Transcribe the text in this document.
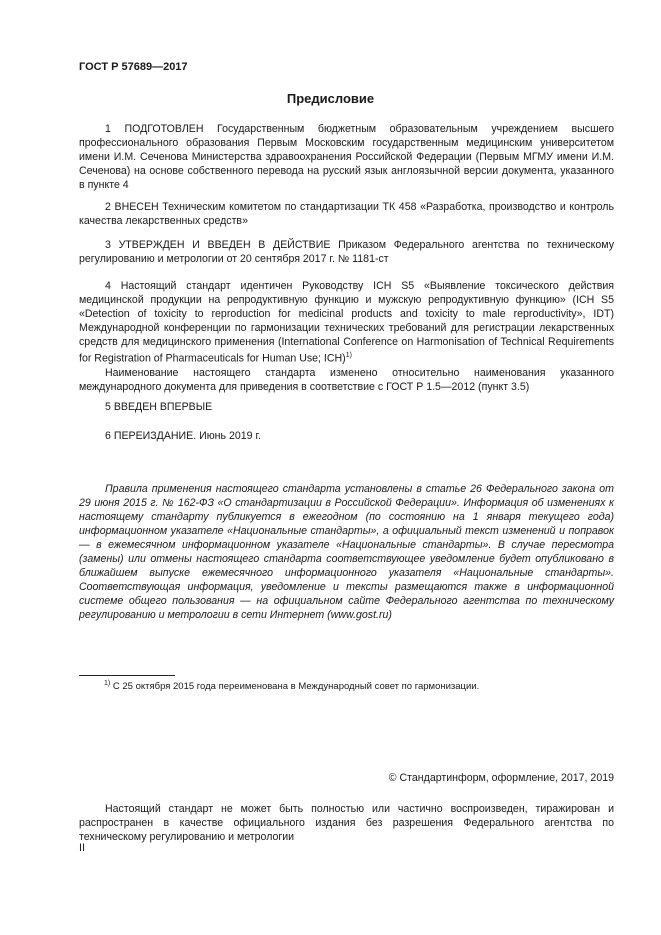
ГОСТ Р 57689—2017
Предисловие

1 ПОДГОТОВЛЕН Государственным бюджетным образовательным учреждением высшего профессионального образования Первым Московским государственным медицинским университетом имени И.М. Сеченова Министерства здравоохранения Российской Федерации (Первым МГМУ имени И.М. Сеченова) на основе собственного перевода на русский язык англоязычной версии документа, указанного в пункте 4

2 ВНЕСЕН Техническим комитетом по стандартизации ТК 458 «Разработка, производство и контроль качества лекарственных средств»

3 УТВЕРЖДЕН И ВВЕДЕН В ДЕЙСТВИЕ Приказом Федерального агентства по техническому регулированию и метрологии от 20 сентября 2017 г. № 1181-ст

4 Настоящий стандарт идентичен Руководству ICH S5 «Выявление токсического действия медицинской продукции на репродуктивную функцию и мужскую репродуктивную функцию» (ICH S5 «Detection of toxicity to reproduction for medicinal products and toxicity to male reproductivity», IDT) Международной конференции по гармонизации технических требований для регистрации лекарственных средств для медицинского применения (International Conference on Harmonisation of Technical Requirements for Registration of Pharmaceuticals for Human Use; ICH)$^{1)}$

Наименование настоящего стандарта изменено относительно наименования указанного международного документа для приведения в соответствие с ГОСТ Р 1.5—2012 (пункт 3.5)

5 ВВЕДЕН ВПЕРВЫЕ

6 ПЕРЕИЗДАНИЕ. Июнь 2019 г.

Правила применения настоящего стандарта установлены в статье 26 Федерального закона от 29 июня 2015 г. № 162-ФЗ «О стандартизации в Российской Федерации». Информация об изменениях к настоящему стандарту публикуется в ежегодном (по состоянию на 1 января текущего года) информационном указателе «Национальные стандарты», а официальный текст изменений и поправок — в ежемесячном информационном указателе «Национальные стандарты». В случае пересмотра (замены) или отмены настоящего стандарта соответствующее уведомление будет опубликовано в ближайшем выпуске ежемесячного информационного указателя «Национальные стандарты». Соответствующая информация, уведомление и тексты размещаются также в информационной системе общего пользования — на официальном сайте Федерального агентства по техническому регулированию и метрологии в сети Интернет (www.gost.ru)

$^{1)}$ С 25 октября 2015 года переименована в Международный совет по гармонизации.
© Стандартинформ, оформление, 2017, 2019

Настоящий стандарт не может быть полностью или частично воспроизведен, тиражирован и распространен в качестве официального издания без разрешения Федерального агентства по техническому регулированию и метрологии

II
